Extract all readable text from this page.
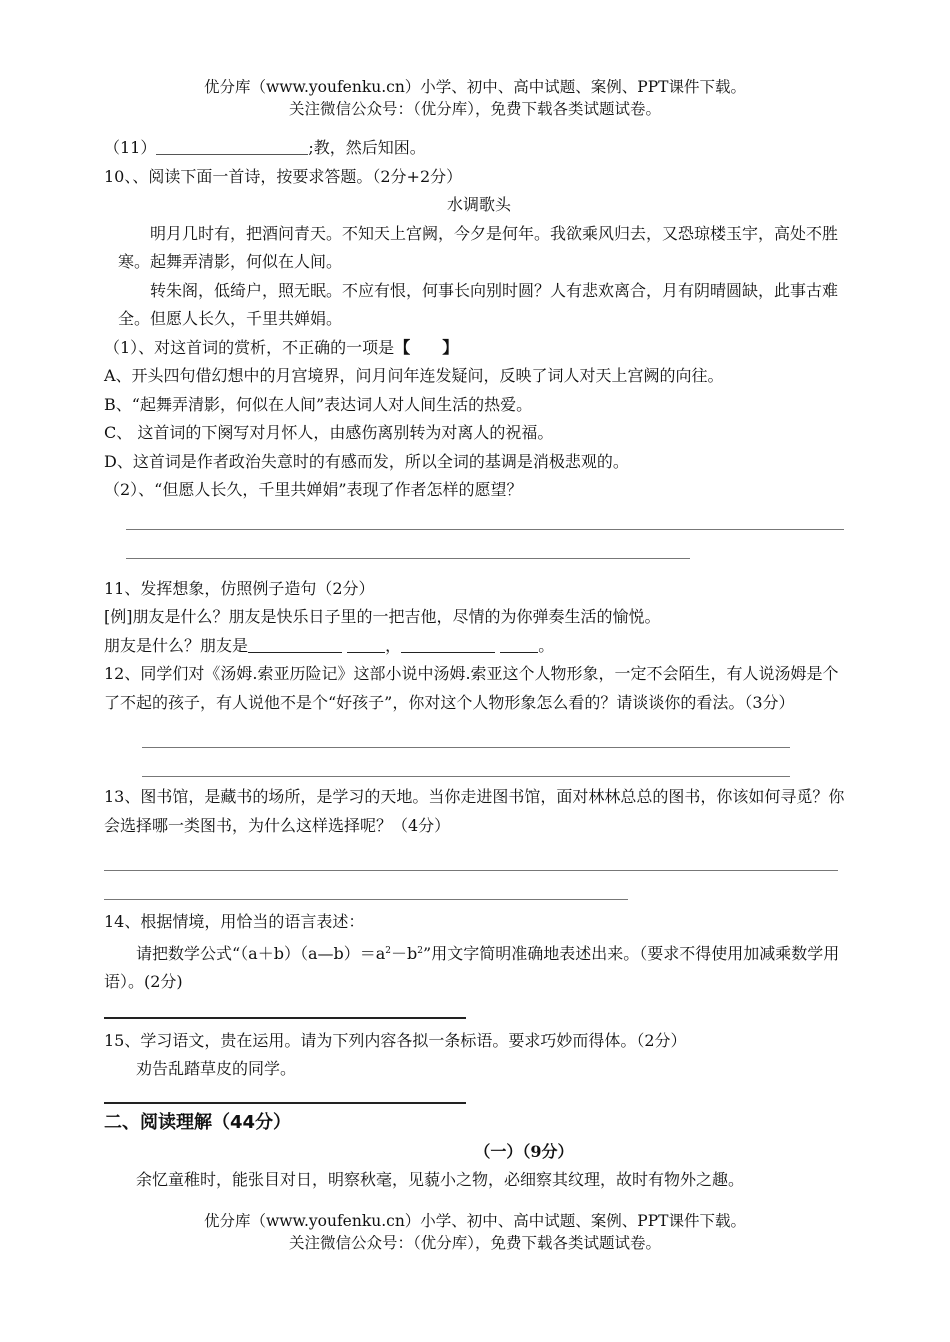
优分库（www.youfenku.cn）小学、初中、高中试题、案例、PPT课件下载。
关注微信公众号：（优分库），免费下载各类试题试卷。
（11）	;教，然后知困。
10、、阅读下面一首诗，按要求答题。（2分+2分）
水调歌头
明月几时有，把酒问青天。不知天上宫阙，今夕是何年。我欲乘风归去，又恐琼楼玉宇，高处不胜寒。起舞弄清影，何似在人间。
转朱阁，低绮户，照无眠。不应有恨，何事长向别时圆？人有悲欢离合，月有阴晴圆缺，此事古难全。但愿人长久，千里共婵娟。
（1）、对这首词的赏析，不正确的一项是【　　】
A、开头四句借幻想中的月宫境界，问月问年连发疑问，反映了词人对天上宫阙的向往。
B、“起舞弄清影，何似在人间”表达词人对人间生活的热爱。
C、 这首词的下阕写对月怀人，由感伤离别转为对离人的祝福。
D、这首词是作者政治失意时的有感而发，所以全词的基调是消极悲观的。
（2）、“但愿人长久，千里共婵娟”表现了作者怎样的愿望？
11、发挥想象，仿照例子造句（2分）
[例]朋友是什么？朋友是快乐日子里的一把吉他，尽情的为你弹奏生活的愉悦。
朋友是什么？朋友是	，	。
12、同学们对《汤姆.索亚历险记》这部小说中汤姆.索亚这个人物形象，一定不会陌生，有人说汤姆是个了不起的孩子，有人说他不是个“好孩子”，你对这个人物形象怎么看的？请谈谈你的看法。（3分）
13、图书馆，是藏书的场所，是学习的天地。当你走进图书馆，面对林林总总的图书，你该如何寻觅？你会选择哪一类图书，为什么这样选择呢？（4分）
14、根据情境，用恰当的语言表述：
请把数学公式“$(a+b)(a—b)=a^2-b^2$”用文字简明准确地表述出来。（要求不得使用加减乘数学用语）。(2分)
15、学习语文，贵在运用。请为下列内容各拟一条标语。要求巧妙而得体。（2分）
劝告乱踏草皮的同学。
二、阅读理解（44分）
（一）（9分）
余忆童稚时，能张目对日，明察秋毫，见藐小之物，必细察其纹理，故时有物外之趣。
优分库（www.youfenku.cn）小学、初中、高中试题、案例、PPT课件下载。
关注微信公众号：（优分库），免费下载各类试题试卷。
